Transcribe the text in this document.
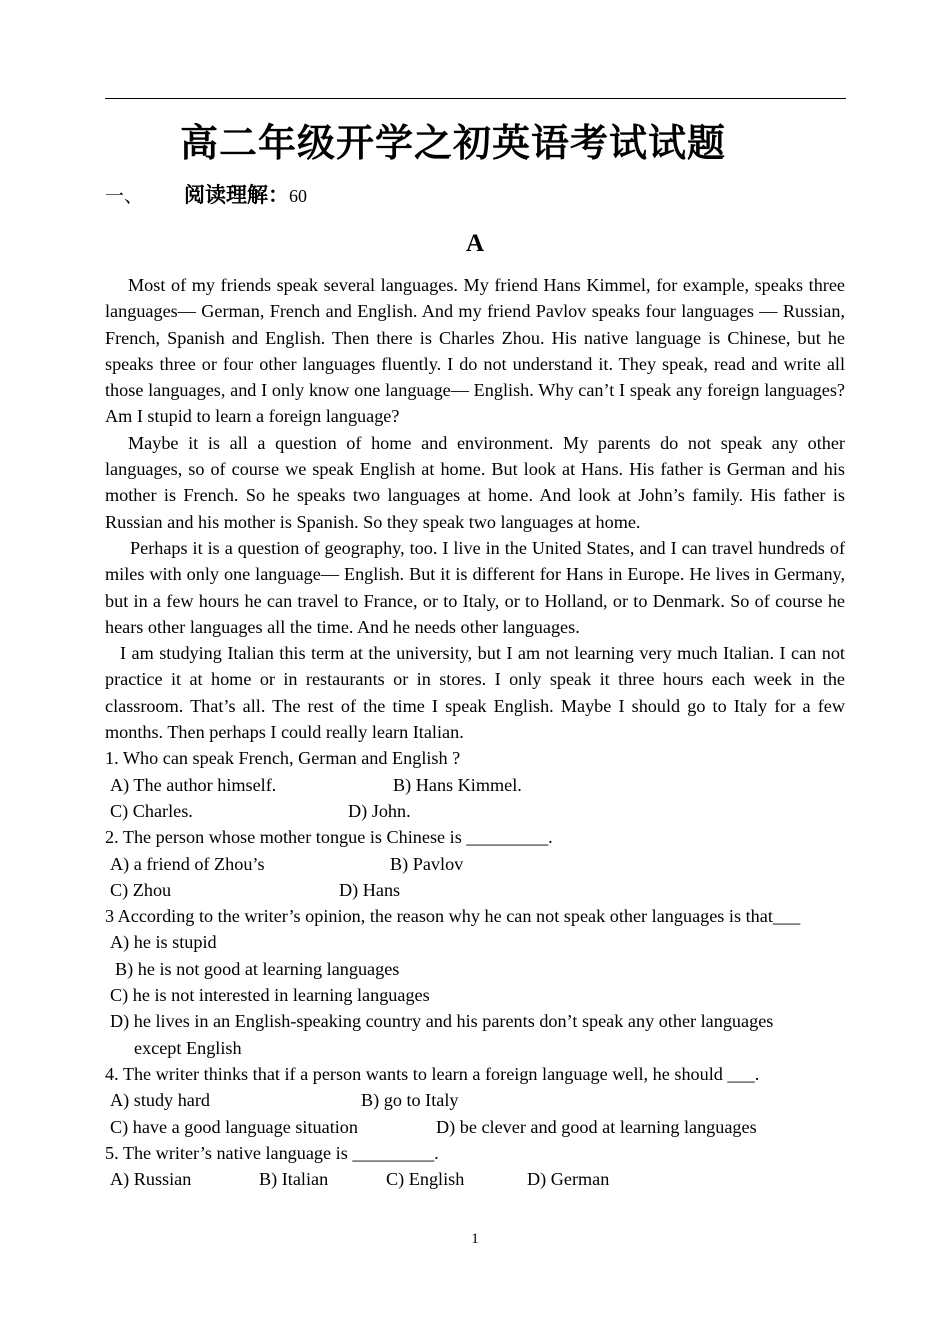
高二年级开学之初英语考试试题
一、 阅读理解：60
A

Most of my friends speak several languages. My friend Hans Kimmel, for example, speaks three languages— German, French and English. And my friend Pavlov speaks four languages — Russian, French, Spanish and English. Then there is Charles Zhou. His native language is Chinese, but he speaks three or four other languages fluently. I do not understand it. They speak, read and write all those languages, and I only know one language— English. Why can’t I speak any foreign languages? Am I stupid to learn a foreign language?

Maybe it is all a question of home and environment. My parents do not speak any other languages, so of course we speak English at home. But look at Hans. His father is German and his mother is French. So he speaks two languages at home. And look at John’s family. His father is Russian and his mother is Spanish. So they speak two languages at home.

Perhaps it is a question of geography, too. I live in the United States, and I can travel hundreds of miles with only one language— English. But it is different for Hans in Europe. He lives in Germany, but in a few hours he can travel to France, or to Italy, or to Holland, or to Denmark. So of course he hears other languages all the time. And he needs other languages.

I am studying Italian this term at the university, but I am not learning very much Italian. I can not practice it at home or in restaurants or in stores. I only speak it three hours each week in the classroom. That’s all. The rest of the time I speak English. Maybe I should go to Italy for a few months. Then perhaps I could really learn Italian.

1. Who can speak French, German and English ?
A) The author himself.	B) Hans Kimmel.
C) Charles.	D) John.
2. The person whose mother tongue is Chinese is _________.
A) a friend of Zhou’s	B) Pavlov
C) Zhou	D) Hans
3 According to the writer’s opinion, the reason why he can not speak other languages is that___
A) he is stupid
B) he is not good at learning languages
C) he is not interested in learning languages
D) he lives in an English-speaking country and his parents don’t speak any other languages
except English
4. The writer thinks that if a person wants to learn a foreign language well, he should ___.
A) study hard	B) go to Italy
C) have a good language situation	D) be clever and good at learning languages
5. The writer’s native language is _________.
A) Russian	B) Italian	C) English	D) German
1
